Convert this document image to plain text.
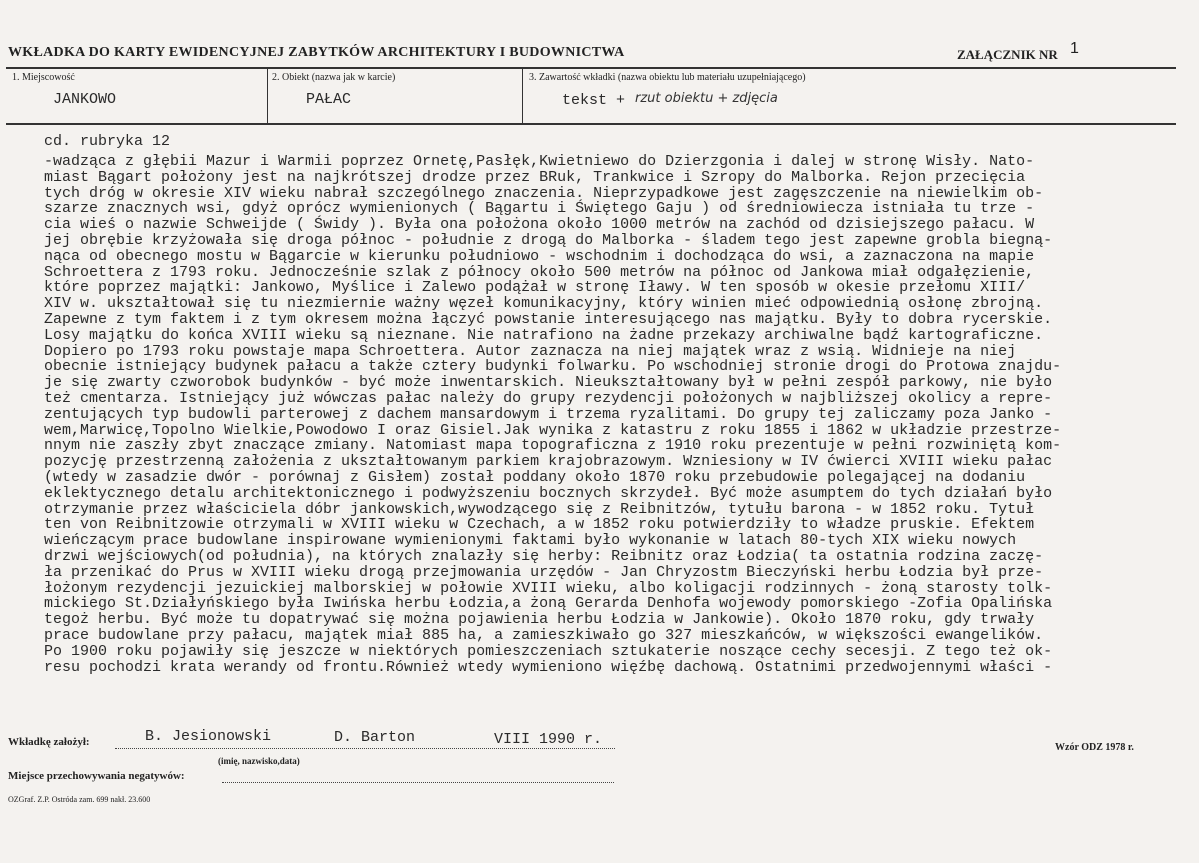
WKŁADKA DO KARTY EWIDENCYJNEJ ZABYTKÓW ARCHITEKTURY I BUDOWNICTWA	ZAŁĄCZNIK NR 1
1. Miejscowość
JANKOWO
2. Obiekt (nazwa jak w karcie)
PAŁAC
3. Zawartość wkładki (nazwa obiektu lub materiału uzupełniającego)
tekst + rzut obiektu + zdjęcia
cd. rubryka 12
-wadząca z głębii Mazur i Warmii poprzez Ornetę,Pasłęk,Kwietniewo do Dzierzgonia i dalej w stronę Wisły. Nato-
miast Bągart położony jest na najkrótszej drodze przez BRuk, Trankwice i Szropy do Malborka. Rejon przecięcia
tych dróg w okresie XIV wieku nabrał szczególnego znaczenia. Nieprzypadkowe jest zagęszczenie na niewielkim ob-
szarze znacznych wsi, gdyż oprócz wymienionych ( Bągartu i Świętego Gaju ) od średniowiecza istniała tu trze -
cia wieś o nazwie Schweijde ( Świdy ). Była ona położona około 1000 metrów na zachód od dzisiejszego pałacu. W
jej obrębie krzyżowała się droga północ - południe z drogą do Malborka - śladem tego jest zapewne grobla biegną-
nąca od obecnego mostu w Bągarcie w kierunku południowo - wschodnim i dochodząca do wsi, a zaznaczona na mapie
Schroettera z 1793 roku. Jednocześnie szlak z północy około 500 metrów na północ od Jankowa miał odgałęzienie,
które poprzez majątki: Jankowo, Myślice i Zalewo podążał w stronę Iławy. W ten sposób w okesie przełomu XIII/
XIV w. ukształtował się tu niezmiernie ważny węzeł komunikacyjny, który winien mieć odpowiednią osłonę zbrojną.
Zapewne z tym faktem i z tym okresem można łączyć powstanie interesującego nas majątku. Były to dobra rycerskie.
Losy majątku do końca XVIII wieku są nieznane. Nie natrafiono na żadne przekazy archiwalne bądź kartograficzne.
Dopiero po 1793 roku powstaje mapa Schroettera. Autor zaznacza na niej majątek wraz z wsią. Widnieje na niej
obecnie istniejący budynek pałacu a także cztery budynki folwarku. Po wschodniej stronie drogi do Protowa znajdu-
je się zwarty czworobok budynków - być może inwentarskich. Nieukształtowany był w pełni zespół parkowy, nie było
też cmentarza. Istniejący już wówczas pałac należy do grupy rezydencji położonych w najbliższej okolicy a repre-
zentujących typ budowli parterowej z dachem mansardowym i trzema ryzalitami. Do grupy tej zaliczamy poza Janko -
wem,Marwicę,Topolno Wielkie,Powodowo I oraz Gisiel.Jak wynika z katastru z roku 1855 i 1862 w układzie przestrze-
nnym nie zaszły zbyt znaczące zmiany. Natomiast mapa topograficzna z 1910 roku prezentuje w pełni rozwiniętą kom-
pozycję przestrzenną założenia z ukształtowanym parkiem krajobrazowym. Wzniesiony w IV ćwierci XVIII wieku pałac
(wtedy w zasadzie dwór - porównaj z Gisłem) został poddany około 1870 roku przebudowie polegającej na dodaniu
eklektycznego detalu architektonicznego i podwyższeniu bocznych skrzydeł. Być może asumptem do tych działań było
otrzymanie przez właściciela dóbr jankowskich,wywodzącego się z Reibnitzów, tytułu barona - w 1852 roku. Tytuł
ten von Reibnitzowie otrzymali w XVIII wieku w Czechach, a w 1852 roku potwierdziły to władze pruskie. Efektem
wieńczącym prace budowlane inspirowane wymienionymi faktami było wykonanie w latach 80-tych XIX wieku nowych
drzwi wejściowych(od południa), na których znalazły się herby: Reibnitz oraz Łodzia( ta ostatnia rodzina zaczę-
ła przenikać do Prus w XVIII wieku drogą przejmowania urzędów - Jan Chryzostm Bieczyński herbu Łodzia był prze-
łożonym rezydencji jezuickiej malborskiej w połowie XVIII wieku, albo koligacji rodzinnych - żoną starosty tolk-
mickiego St.Działyńskiego była Iwińska herbu Łodzia,a żoną Gerarda Denhofa wojewody pomorskiego -Zofia Opalińska
tegoż herbu. Być może tu dopatrywać się można pojawienia herbu Łodzia w Jankowie). Około 1870 roku, gdy trwały
prace budowlane przy pałacu, majątek miał 885 ha, a zamieszkiwało go 327 mieszkańców, w większości ewangelików.
Po 1900 roku pojawiły się jeszcze w niektórych pomieszczeniach sztukaterie noszące cechy secesji. Z tego też ok-
resu pochodzi krata werandy od frontu.Również wtedy wymieniono więźbę dachową. Ostatnimi przedwojennymi właści -
Wkładkę założył:	B. Jesionowski	D. Barton	VIII 1990 r.
(imię, nazwisko,data)
Wzór ODZ 1978 r.
Miejsce przechowywania negatywów:
OZGraf. Z.P. Ostróda zam. 699 nakł. 23.600
